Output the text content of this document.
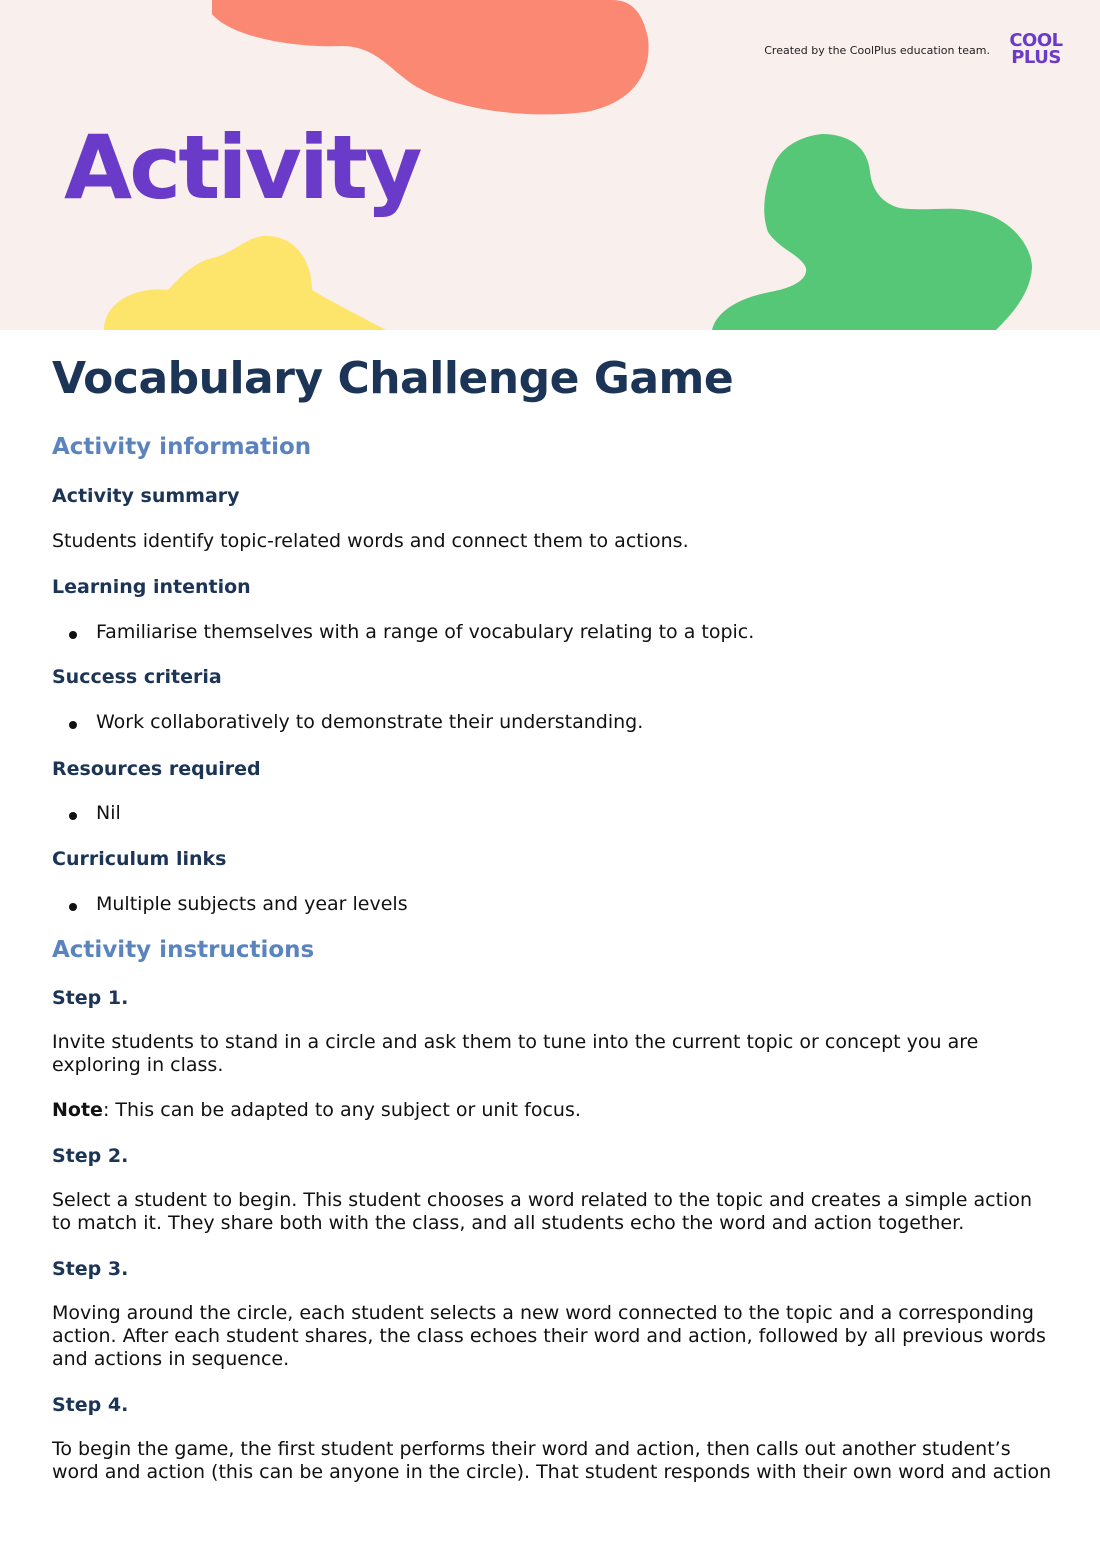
Created by the CoolPlus education team.	COOL
PLUS
Activity
Vocabulary Challenge Game
Activity information
Activity summary

Students identify topic-related words and connect them to actions.

Learning intention
Familiarise themselves with a range of vocabulary relating to a topic.
Success criteria
Work collaboratively to demonstrate their understanding.
Resources required
Nil
Curriculum links
Multiple subjects and year levels
Activity instructions
Step 1.

Invite students to stand in a circle and ask them to tune into the current topic or concept you are exploring in class.

Note: This can be adapted to any subject or unit focus.

Step 2.

Select a student to begin. This student chooses a word related to the topic and creates a simple action to match it. They share both with the class, and all students echo the word and action together.

Step 3.

Moving around the circle, each student selects a new word connected to the topic and a corresponding action. After each student shares, the class echoes their word and action, followed by all previous words and actions in sequence.

Step 4.

To begin the game, the first student performs their word and action, then calls out another student’s word and action (this can be anyone in the circle). That student responds with their own word and action
